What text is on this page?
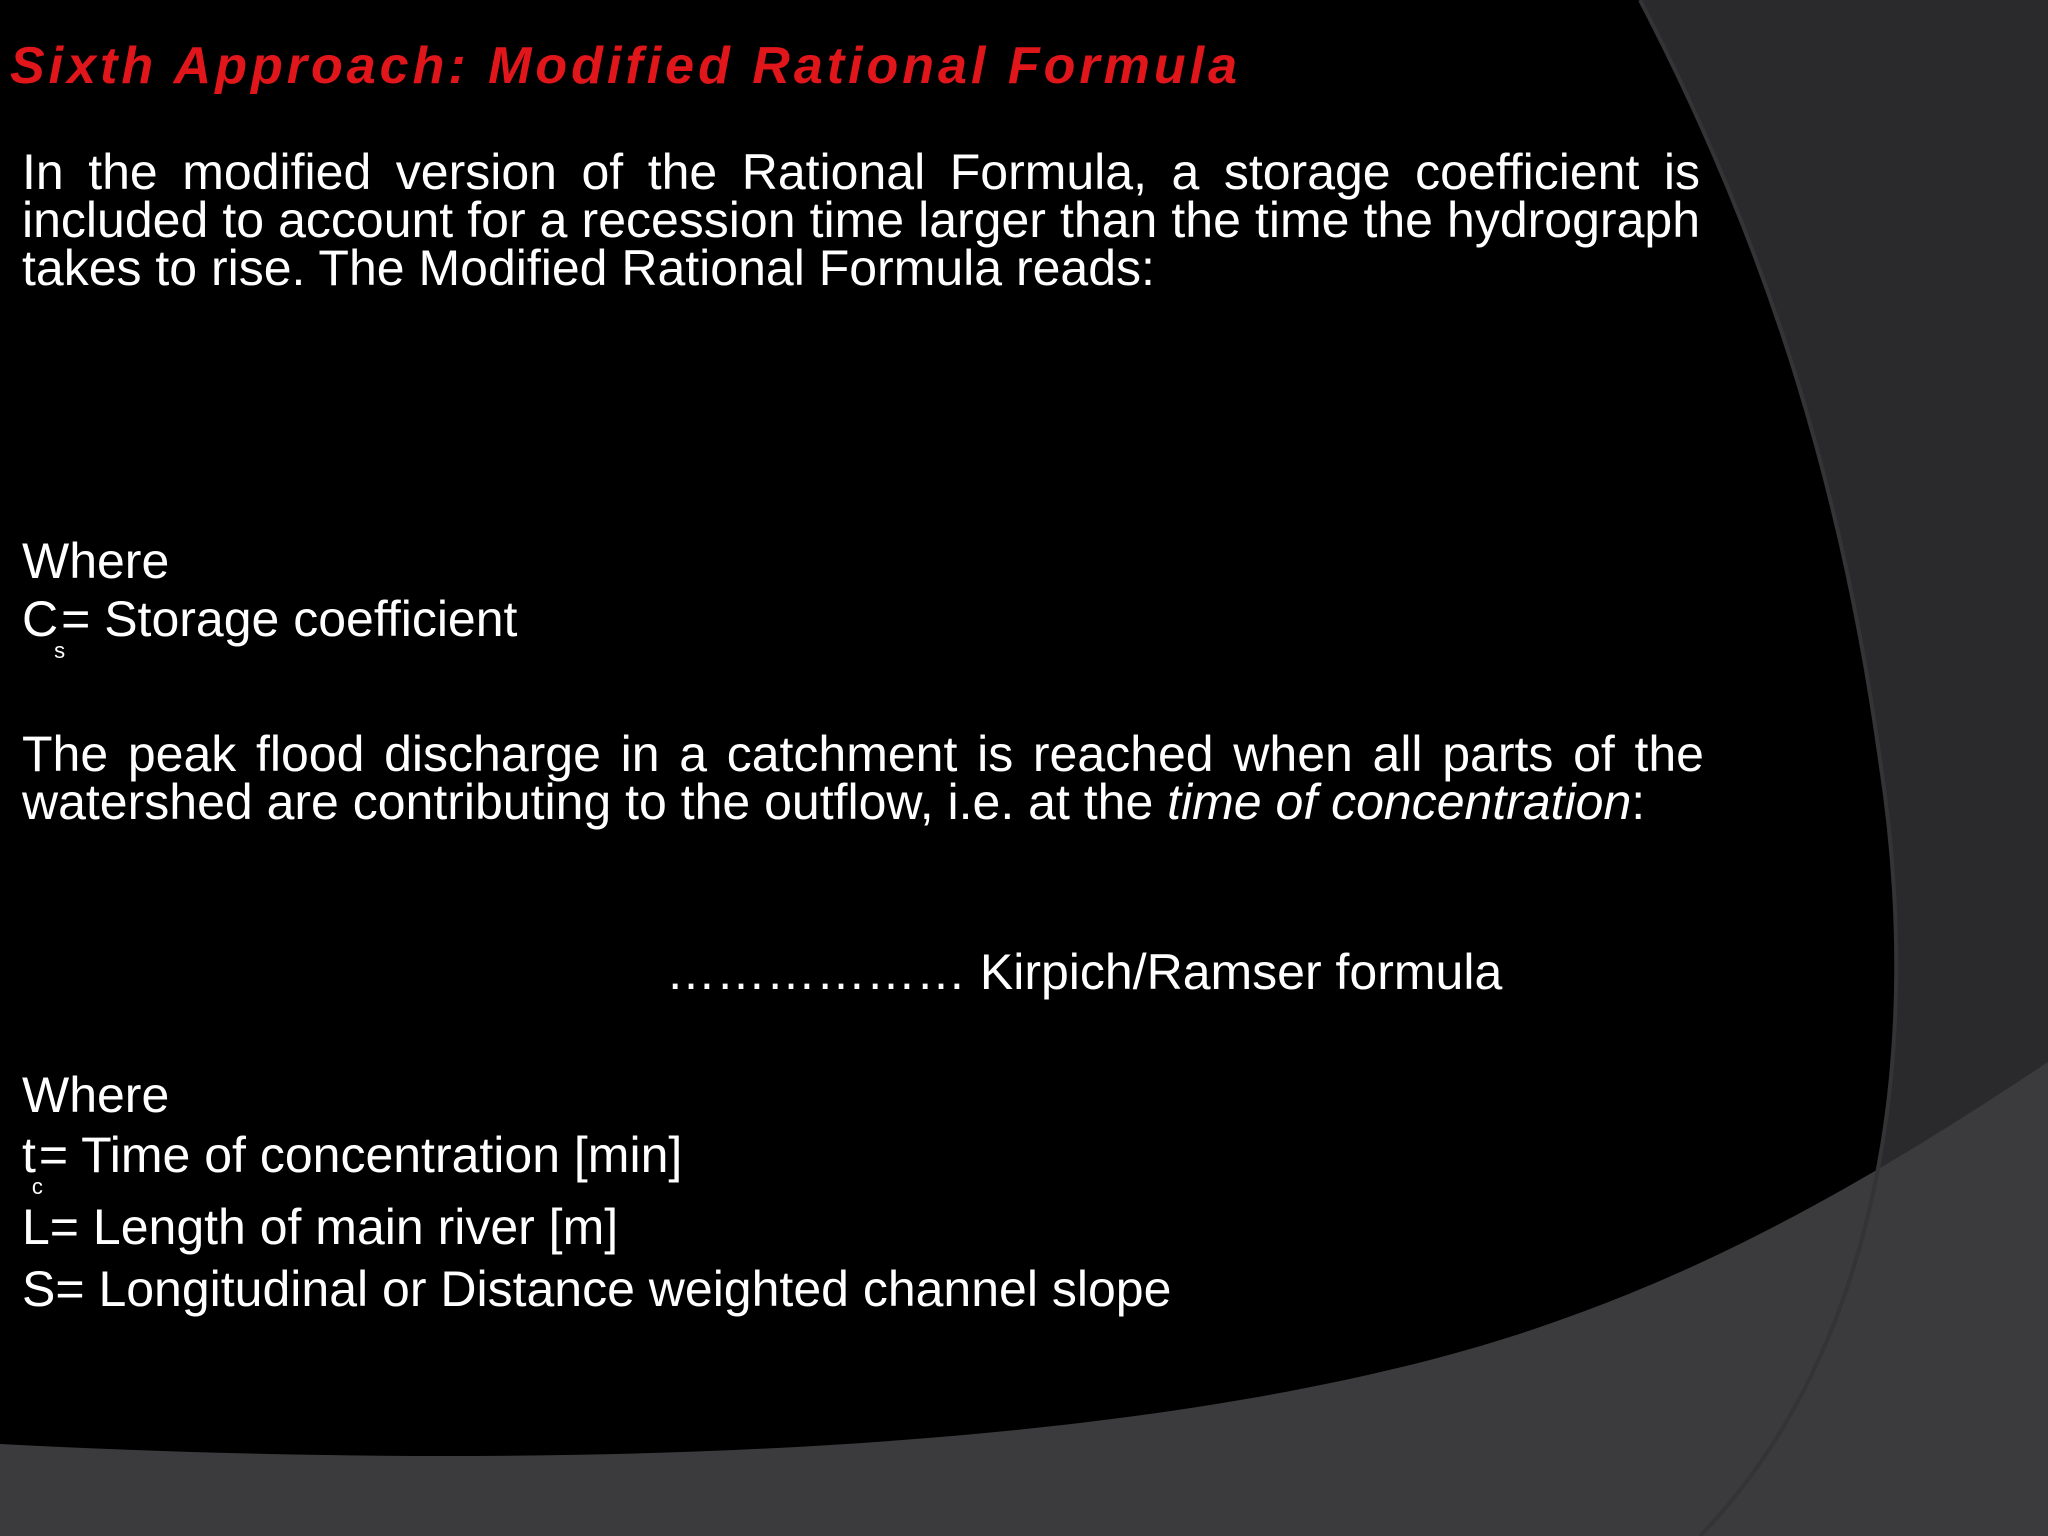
Sixth Approach: Modified Rational Formula

In the modified version of the Rational Formula, a storage coefficient is included to account for a recession time larger than the time the hydrograph takes to rise. The Modified Rational Formula reads:

Where
$C_s=$ Storage coefficient

The peak flood discharge in a catchment is reached when all parts of the watershed are contributing to the outflow, i.e. at the time of concentration:

……………… Kirpich/Ramser formula
Where
$t_c=$ Time of concentration [min]
L= Length of main river [m]
S= Longitudinal or Distance weighted channel slope
